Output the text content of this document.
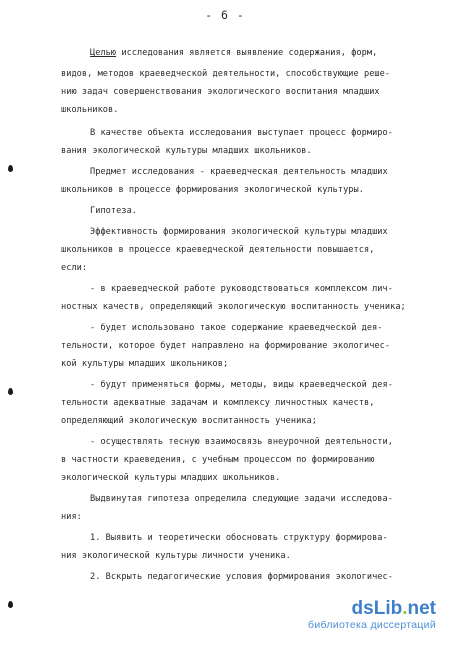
- 6 -
Целью исследования является выявление содержания, форм,
видов, методов краеведческой деятельности, способствующие реше-
нию задач совершенствования экологического воспитания младших
школьников.
В качестве объекта исследования выступает процесс формиро-
вания экологической культуры младших школьников.
Предмет исследования - краеведческая деятельность младших
школьников в процессе формирования экологической культуры.
Гипотеза.
Эффективность формирования экологической культуры младших
школьников в процессе краеведческой деятельности повышается,
если:
- в краеведческой работе руководствоваться комплексом лич-
ностных качеств, определяющий экологическую воспитанность ученика;
- будет использовано такое содержание краеведческой дея-
тельности, которое будет направлено на формирование экологичес-
кой культуры младших школьников;
- будут применяться формы, методы, виды краеведческой дея-
тельности адекватные задачам и комплексу личностных качеств,
определяющий экологическую воспитанность ученика;
- осуществлять тесную взаимосвязь внеурочной деятельности,
в частности краеведения, с учебным процессом по формированию
экологической культуры младших школьников.
Выдвинутая гипотеза определила следующие задачи исследова-
ния:
1. Выявить и теоретически обосновать структуру формирова-
ния экологической культуры личности ученика.
2. Вскрыть педагогические условия формирования экологичес-
dsLib.net
библиотека диссертаций
